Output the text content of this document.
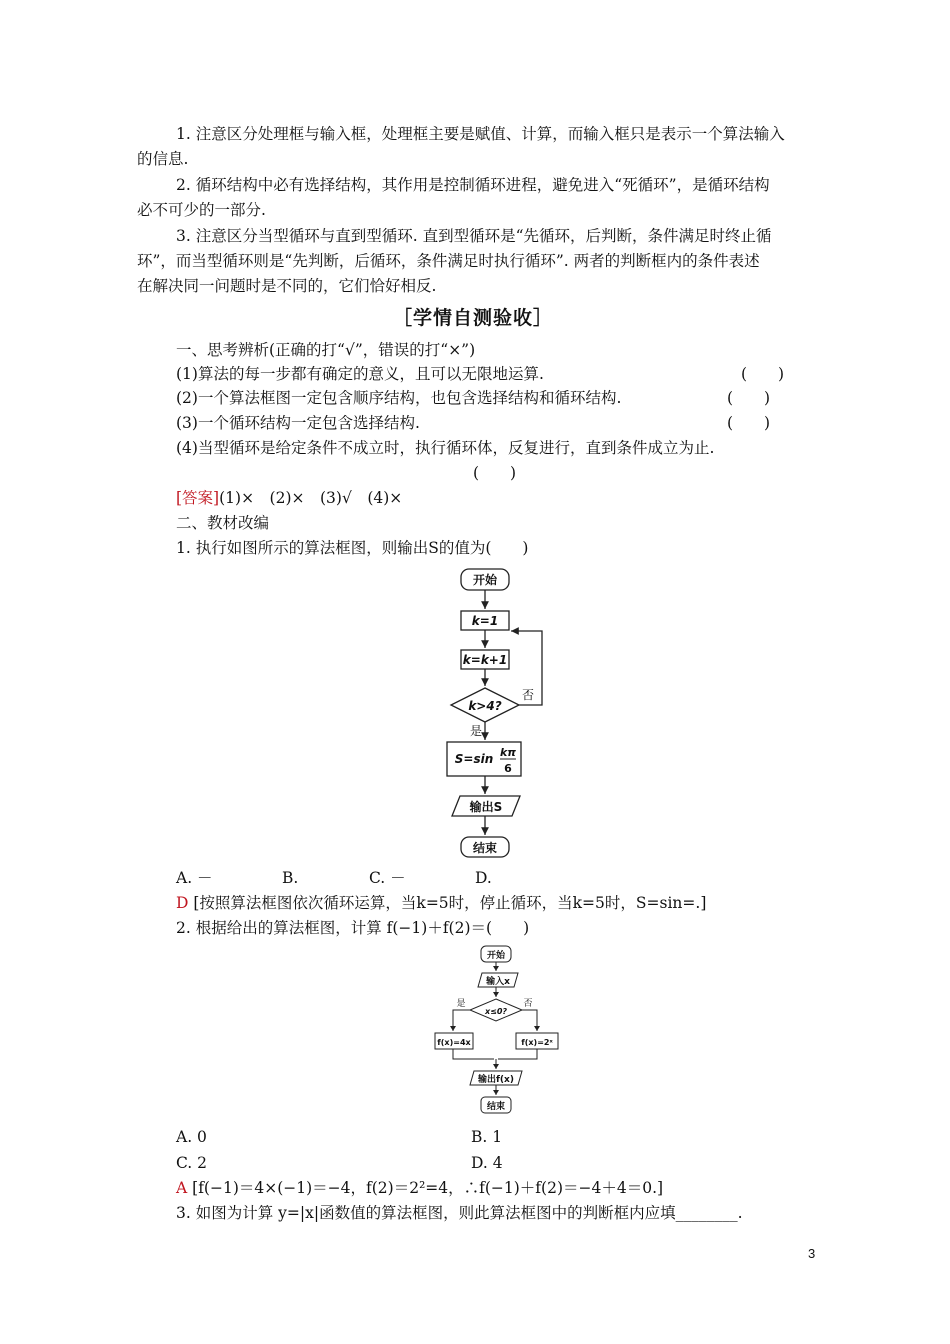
1. 注意区分处理框与输入框，处理框主要是赋值、计算，而输入框只是表示一个算法输入
的信息.
2. 循环结构中必有选择结构，其作用是控制循环进程，避免进入“死循环”，是循环结构
必不可少的一部分.
3. 注意区分当型循环与直到型循环. 直到型循环是“先循环，后判断，条件满足时终止循
环”，而当型循环则是“先判断，后循环，条件满足时执行循环”. 两者的判断框内的条件表述
在解决同一问题时是不同的，它们恰好相反.
［学情自测验收］
一、思考辨析(正确的打“√”，错误的打“×”)
(1)算法的每一步都有确定的意义，且可以无限地运算.	(　　)
(2)一个算法框图一定包含顺序结构，也包含选择结构和循环结构.	(　　)
(3)一个循环结构一定包含选择结构.	(　　)
(4)当型循环是给定条件不成立时，执行循环体，反复进行，直到条件成立为止.
(　　)
[答案](1)×　(2)×　(3)√　(4)×
二、教材改编
1. 执行如图所示的算法框图，则输出S的值为(　　)
开始
k=1
k=k+1
k>4?
否
是
S=sin kπ
6
输出S
结束
A. －	B.	C. －	D.
D [按照算法框图依次循环运算，当k=5时，停止循环，当k=5时，S=sin=.]
2. 根据给出的算法框图，计算 f(−1)＋f(2)＝(　　)
开始
输入x
x≤0?
是	否
f(x)=4x	f(x)=2ˣ
输出f(x)
结束
A. 0	B. 1
C. 2	D. 4
A [f(−1)＝4×(−1)＝−4，f(2)＝2²=4，∴f(−1)＋f(2)＝−4＋4＝0.]
3. 如图为计算 y=|x|函数值的算法框图，则此算法框图中的判断框内应填________.
3
